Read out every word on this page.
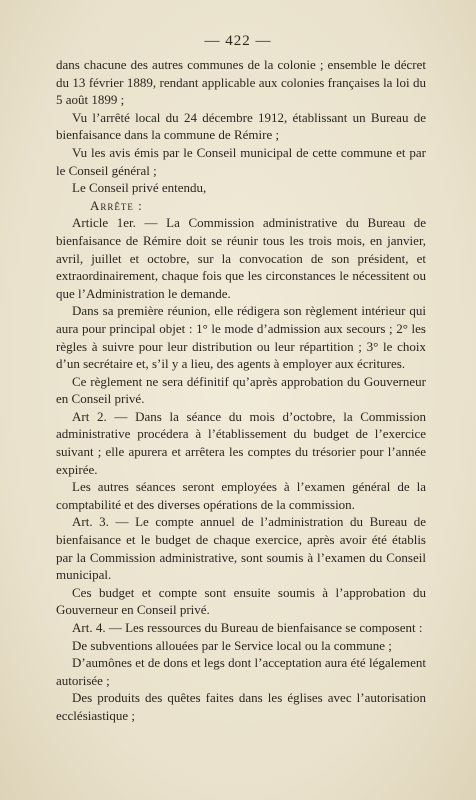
— 422 —

dans chacune des autres communes de la colonie ; ensemble le décret du 13 février 1889, rendant applicable aux colonies françaises la loi du 5 août 1899 ;

Vu l’arrêté local du 24 décembre 1912, établissant un Bureau de bienfaisance dans la commune de Rémire ;

Vu les avis émis par le Conseil municipal de cette commune et par le Conseil général ;

Le Conseil privé entendu,

Arrête :

Article 1er. — La Commission administrative du Bureau de bienfaisance de Rémire doit se réunir tous les trois mois, en janvier, avril, juillet et octobre, sur la convocation de son président, et extraordinairement, chaque fois que les circonstances le nécessitent ou que l’Administration le demande.

Dans sa première réunion, elle rédigera son règlement intérieur qui aura pour principal objet : 1° le mode d’admission aux secours ; 2° les règles à suivre pour leur distribution ou leur répartition ; 3° le choix d’un secrétaire et, s’il y a lieu, des agents à employer aux écritures.

Ce règlement ne sera définitif qu’après approbation du Gouverneur en Conseil privé.

Art 2. — Dans la séance du mois d’octobre, la Commission administrative procédera à l’établissement du budget de l’exercice suivant ; elle apurera et arrêtera les comptes du trésorier pour l’année expirée.

Les autres séances seront employées à l’examen général de la comptabilité et des diverses opérations de la commission.

Art. 3. — Le compte annuel de l’administration du Bureau de bienfaisance et le budget de chaque exercice, après avoir été établis par la Commission administrative, sont soumis à l’examen du Conseil municipal.

Ces budget et compte sont ensuite soumis à l’approbation du Gouverneur en Conseil privé.

Art. 4. — Les ressources du Bureau de bienfaisance se composent :

De subventions allouées par le Service local ou la commune ;

D’aumônes et de dons et legs dont l’acceptation aura été légalement autorisée ;

Des produits des quêtes faites dans les églises avec l’autorisation ecclésiastique ;
